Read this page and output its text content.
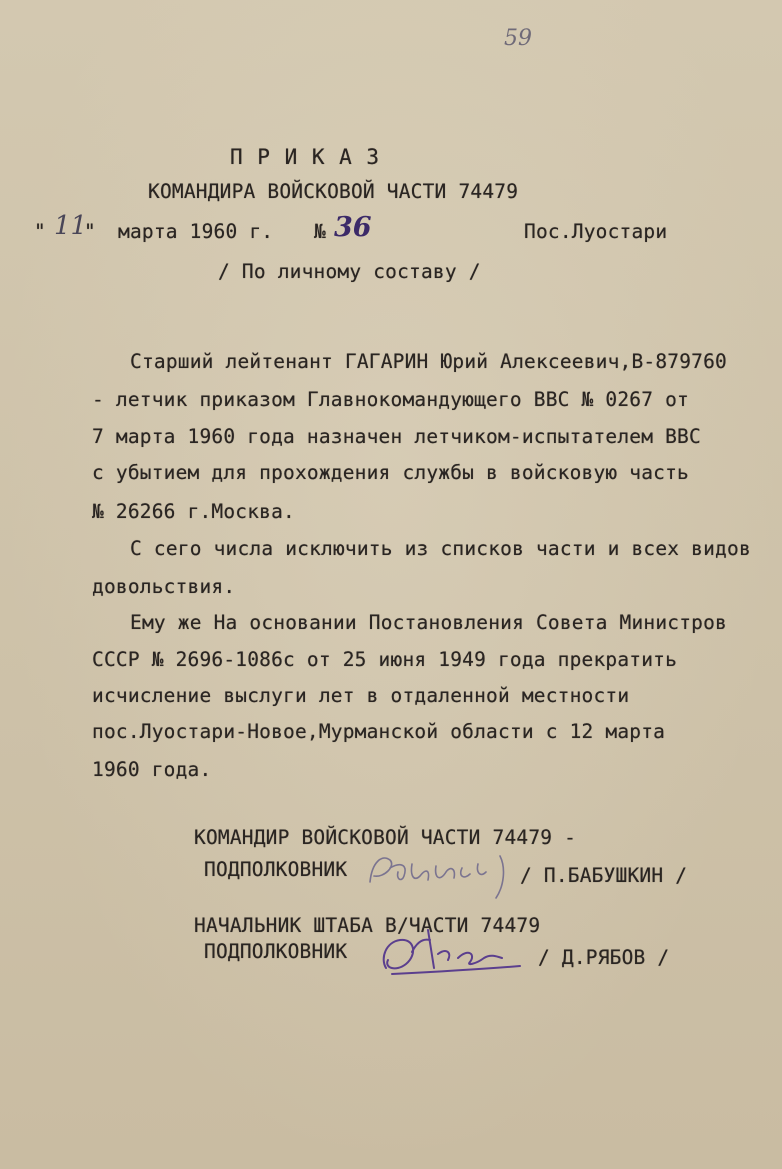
59
П Р И К А З
КОМАНДИРА ВОЙСКОВОЙ ЧАСТИ 74479
" 11
" марта 1960 г. № 36	Пос.Луостари
/ По личному составу /
Старший лейтенант ГАГАРИН Юрий Алексеевич,В-879760
- летчик приказом Главнокомандующего ВВС № 0267 от
7 марта 1960 года назначен летчиком-испытателем ВВС
с убытием для прохождения службы в войсковую часть
№ 26266 г.Москва.
С сего числа исключить из списков части и всех видов
довольствия.
Ему же На основании Постановления Совета Министров
СССР № 2696-1086с от 25 июня 1949 года прекратить
исчисление выслуги лет в отдаленной местности
пос.Луостари-Новое,Мурманской области с 12 марта
1960 года.
КОМАНДИР ВОЙСКОВОЙ ЧАСТИ 74479 -
ПОДПОЛКОВНИК	/ П.БАБУШКИН /
НАЧАЛЬНИК ШТАБА В/ЧАСТИ 74479
ПОДПОЛКОВНИК	/ Д.РЯБОВ /
